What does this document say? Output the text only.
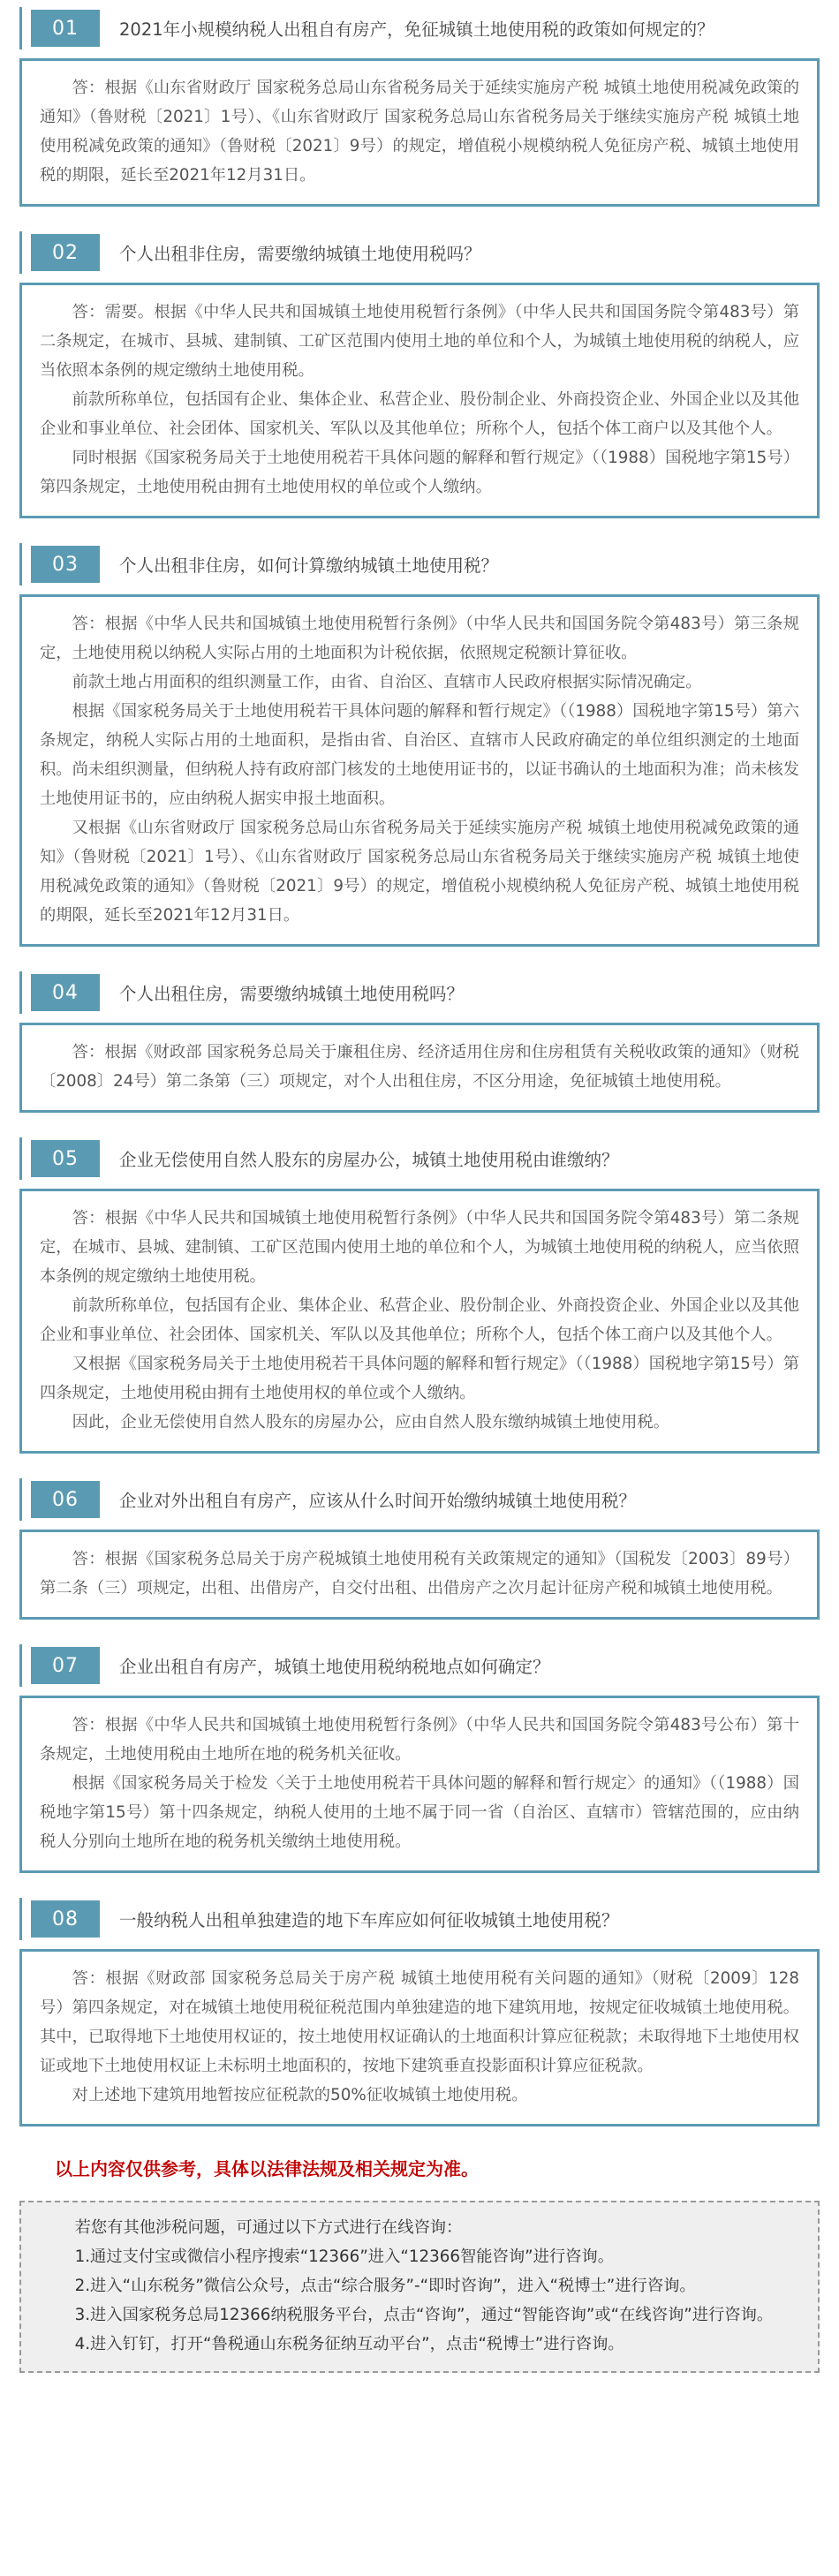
01	2021年小规模纳税人出租自有房产，免征城镇土地使用税的政策如何规定的？

答：根据《山东省财政厅 国家税务总局山东省税务局关于延续实施房产税 城镇土地使用税减免政策的通知》（鲁财税〔2021〕1号）、《山东省财政厅 国家税务总局山东省税务局关于继续实施房产税 城镇土地使用税减免政策的通知》（鲁财税〔2021〕9号）的规定，增值税小规模纳税人免征房产税、城镇土地使用税的期限，延长至2021年12月31日。

02	个人出租非住房，需要缴纳城镇土地使用税吗？

答：需要。根据《中华人民共和国城镇土地使用税暂行条例》（中华人民共和国国务院令第483号）第二条规定，在城市、县城、建制镇、工矿区范围内使用土地的单位和个人，为城镇土地使用税的纳税人，应当依照本条例的规定缴纳土地使用税。

前款所称单位，包括国有企业、集体企业、私营企业、股份制企业、外商投资企业、外国企业以及其他企业和事业单位、社会团体、国家机关、军队以及其他单位；所称个人，包括个体工商户以及其他个人。

同时根据《国家税务局关于土地使用税若干具体问题的解释和暂行规定》（（1988）国税地字第15号）第四条规定，土地使用税由拥有土地使用权的单位或个人缴纳。

03	个人出租非住房，如何计算缴纳城镇土地使用税？

答：根据《中华人民共和国城镇土地使用税暂行条例》（中华人民共和国国务院令第483号）第三条规定，土地使用税以纳税人实际占用的土地面积为计税依据，依照规定税额计算征收。

前款土地占用面积的组织测量工作，由省、自治区、直辖市人民政府根据实际情况确定。

根据《国家税务局关于土地使用税若干具体问题的解释和暂行规定》（（1988）国税地字第15号）第六条规定，纳税人实际占用的土地面积，是指由省、自治区、直辖市人民政府确定的单位组织测定的土地面积。尚未组织测量，但纳税人持有政府部门核发的土地使用证书的，以证书确认的土地面积为准；尚未核发土地使用证书的，应由纳税人据实申报土地面积。

又根据《山东省财政厅 国家税务总局山东省税务局关于延续实施房产税 城镇土地使用税减免政策的通知》（鲁财税〔2021〕1号）、《山东省财政厅 国家税务总局山东省税务局关于继续实施房产税 城镇土地使用税减免政策的通知》（鲁财税〔2021〕9号）的规定，增值税小规模纳税人免征房产税、城镇土地使用税的期限，延长至2021年12月31日。

04	个人出租住房，需要缴纳城镇土地使用税吗？

答：根据《财政部 国家税务总局关于廉租住房、经济适用住房和住房租赁有关税收政策的通知》（财税〔2008〕24号）第二条第（三）项规定，对个人出租住房，不区分用途，免征城镇土地使用税。

05	企业无偿使用自然人股东的房屋办公，城镇土地使用税由谁缴纳？

答：根据《中华人民共和国城镇土地使用税暂行条例》（中华人民共和国国务院令第483号）第二条规定，在城市、县城、建制镇、工矿区范围内使用土地的单位和个人，为城镇土地使用税的纳税人，应当依照本条例的规定缴纳土地使用税。

前款所称单位，包括国有企业、集体企业、私营企业、股份制企业、外商投资企业、外国企业以及其他企业和事业单位、社会团体、国家机关、军队以及其他单位；所称个人，包括个体工商户以及其他个人。

又根据《国家税务局关于土地使用税若干具体问题的解释和暂行规定》（（1988）国税地字第15号）第四条规定，土地使用税由拥有土地使用权的单位或个人缴纳。

因此，企业无偿使用自然人股东的房屋办公，应由自然人股东缴纳城镇土地使用税。

06	企业对外出租自有房产，应该从什么时间开始缴纳城镇土地使用税？

答：根据《国家税务总局关于房产税城镇土地使用税有关政策规定的通知》（国税发〔2003〕89号）第二条（三）项规定，出租、出借房产，自交付出租、出借房产之次月起计征房产税和城镇土地使用税。

07	企业出租自有房产，城镇土地使用税纳税地点如何确定？

答：根据《中华人民共和国城镇土地使用税暂行条例》（中华人民共和国国务院令第483号公布）第十条规定，土地使用税由土地所在地的税务机关征收。

根据《国家税务局关于检发〈关于土地使用税若干具体问题的解释和暂行规定〉的通知》（（1988）国税地字第15号）第十四条规定，纳税人使用的土地不属于同一省（自治区、直辖市）管辖范围的，应由纳税人分别向土地所在地的税务机关缴纳土地使用税。

08	一般纳税人出租单独建造的地下车库应如何征收城镇土地使用税？

答：根据《财政部 国家税务总局关于房产税 城镇土地使用税有关问题的通知》（财税〔2009〕128号）第四条规定，对在城镇土地使用税征税范围内单独建造的地下建筑用地，按规定征收城镇土地使用税。其中，已取得地下土地使用权证的，按土地使用权证确认的土地面积计算应征税款；未取得地下土地使用权证或地下土地使用权证上未标明土地面积的，按地下建筑垂直投影面积计算应征税款。

对上述地下建筑用地暂按应征税款的50%征收城镇土地使用税。

以上内容仅供参考，具体以法律法规及相关规定为准。

若您有其他涉税问题，可通过以下方式进行在线咨询：

1.通过支付宝或微信小程序搜索“12366”进入“12366智能咨询”进行咨询。

2.进入“山东税务”微信公众号，点击“综合服务”-“即时咨询”，进入“税博士”进行咨询。

3.进入国家税务总局12366纳税服务平台，点击“咨询”，通过“智能咨询”或“在线咨询”进行咨询。

4.进入钉钉，打开“鲁税通山东税务征纳互动平台”，点击“税博士”进行咨询。
